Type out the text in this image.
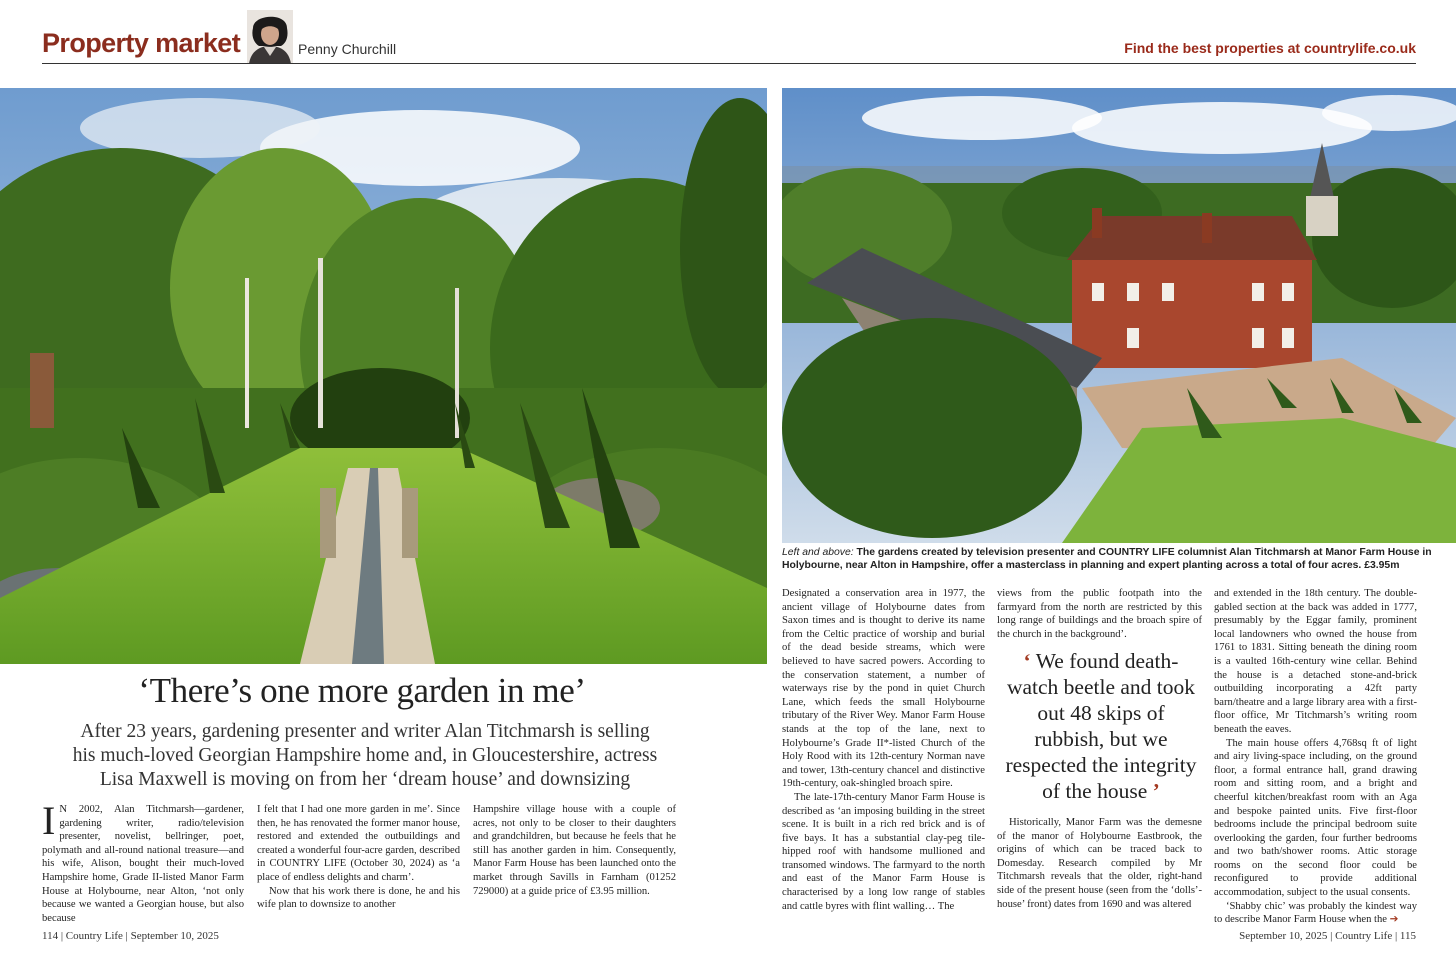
Property market	Penny Churchill	Find the best properties at countrylife.co.uk
Left and above: The gardens created by television presenter and COUNTRY LIFE columnist Alan Titchmarsh at Manor Farm House in Holybourne, near Alton in Hampshire, offer a masterclass in planning and expert planting across a total of four acres. £3.95m
‘There’s one more garden in me’
After 23 years, gardening presenter and writer Alan Titchmarsh is selling his much-loved Georgian Hampshire home and, in Gloucestershire, actress Lisa Maxwell is moving on from her ‘dream house’ and downsizing

I N 2002, Alan Titchmarsh—gardener, gardening writer, radio/television presenter, novelist, bellringer, poet, polymath and all-round national treasure—and his wife, Alison, bought their much-loved Hampshire home, Grade II-listed Manor Farm House at Holybourne, near Alton, ‘not only because we wanted a Georgian house, but also because

I felt that I had one more garden in me’. Since then, he has renovated the former manor house, restored and extended the outbuildings and created a wonderful four-acre garden, described in COUNTRY LIFE (October 30, 2024) as ‘a place of endless delights and charm’.

Now that his work there is done, he and his wife plan to downsize to another

Hampshire village house with a couple of acres, not only to be closer to their daughters and grandchildren, but because he feels that he still has another garden in him. Consequently, Manor Farm House has been launched onto the market through Savills in Farnham (01252 729000) at a guide price of £3.95 million.

Designated a conservation area in 1977, the ancient village of Holybourne dates from Saxon times and is thought to derive its name from the Celtic practice of worship and burial of the dead beside streams, which were believed to have sacred powers. According to the conservation statement, a number of waterways rise by the pond in quiet Church Lane, which feeds the small Holybourne tributary of the River Wey. Manor Farm House stands at the top of the lane, next to Holybourne’s Grade II*-listed Church of the Holy Rood with its 12th-century Norman nave and tower, 13th-century chancel and distinctive 19th-century, oak-shingled broach spire.

The late-17th-century Manor Farm House is described as ‘an imposing building in the street scene. It is built in a rich red brick and is of five bays. It has a substantial clay-peg tile-hipped roof with handsome mullioned and transomed windows. The farmyard to the north and east of the Manor Farm House is characterised by a long low range of stables and cattle byres with flint walling… The

views from the public footpath into the farmyard from the north are restricted by this long range of buildings and the broach spire of the church in the background’.

‘ We found death-watch beetle and took out 48 skips of rubbish, but we respected the integrity of the house ’

Historically, Manor Farm was the demesne of the manor of Holybourne Eastbrook, the origins of which can be traced back to Domesday. Research compiled by Mr Titchmarsh reveals that the older, right-hand side of the present house (seen from the ‘dolls’-house’ front) dates from 1690 and was altered

and extended in the 18th century. The double-gabled section at the back was added in 1777, presumably by the Eggar family, prominent local landowners who owned the house from 1761 to 1831. Sitting beneath the dining room is a vaulted 16th-century wine cellar. Behind the house is a detached stone-and-brick outbuilding incorporating a 42ft party barn/theatre and a large library area with a first-floor office, Mr Titchmarsh’s writing room beneath the eaves.

The main house offers 4,768sq ft of light and airy living-space including, on the ground floor, a formal entrance hall, grand drawing room and sitting room, and a bright and cheerful kitchen/breakfast room with an Aga and bespoke painted units. Five first-floor bedrooms include the principal bedroom suite overlooking the garden, four further bedrooms and two bath/shower rooms. Attic storage rooms on the second floor could be reconfigured to provide additional accommodation, subject to the usual consents.

‘Shabby chic’ was probably the kindest way to describe Manor Farm House when the ➔

114 | Country Life | September 10, 2025	September 10, 2025 | Country Life | 115
